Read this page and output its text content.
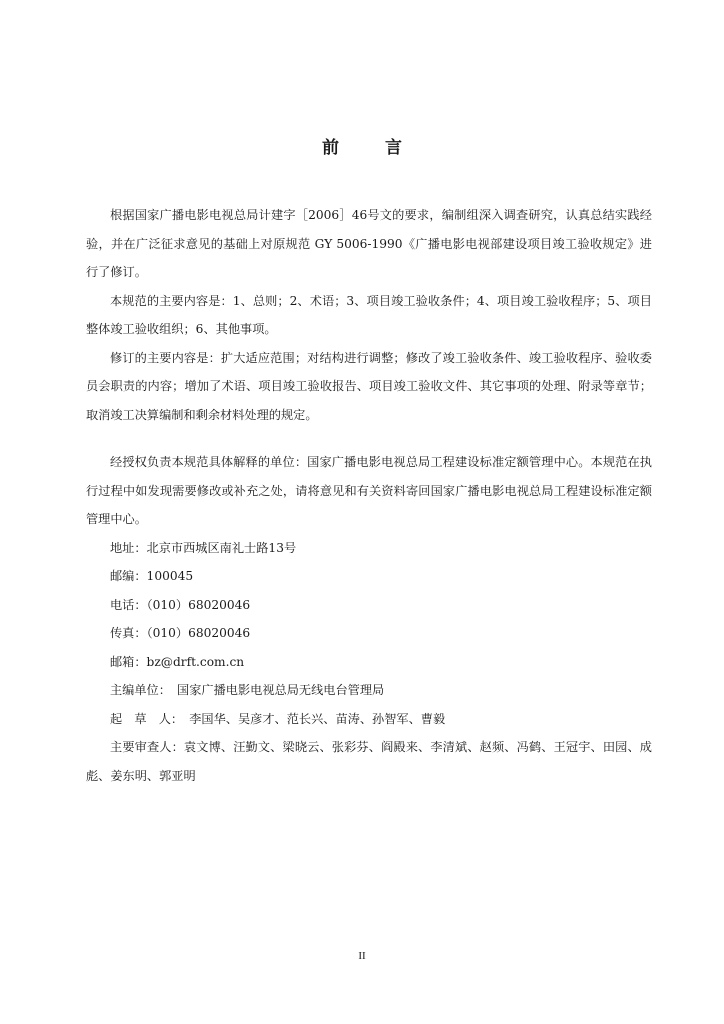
前 言

根据国家广播电影电视总局计建字［2006］46号文的要求，编制组深入调查研究，认真总结实践经验，并在广泛征求意见的基础上对原规范 GY 5006-1990《广播电影电视部建设项目竣工验收规定》进行了修订。

本规范的主要内容是：1、总则；2、术语；3、项目竣工验收条件；4、项目竣工验收程序；5、项目整体竣工验收组织；6、其他事项。

修订的主要内容是：扩大适应范围；对结构进行调整；修改了竣工验收条件、竣工验收程序、验收委员会职责的内容；增加了术语、项目竣工验收报告、项目竣工验收文件、其它事项的处理、附录等章节；取消竣工决算编制和剩余材料处理的规定。

经授权负责本规范具体解释的单位：国家广播电影电视总局工程建设标准定额管理中心。本规范在执行过程中如发现需要修改或补充之处，请将意见和有关资料寄回国家广播电影电视总局工程建设标准定额管理中心。

地址：北京市西城区南礼士路13号
邮编：100045
电话：（010）68020046
传真：（010）68020046
邮箱：bz@drft.com.cn
主编单位：　国家广播电影电视总局无线电台管理局
起　草　人：　李国华、吴彦才、范长兴、苗涛、孙智军、曹毅

主要审查人：袁文博、汪勤文、梁晓云、张彩芬、阎殿来、李清斌、赵频、冯鹤、王冠宇、田园、成彪、姜东明、郭亚明

II
